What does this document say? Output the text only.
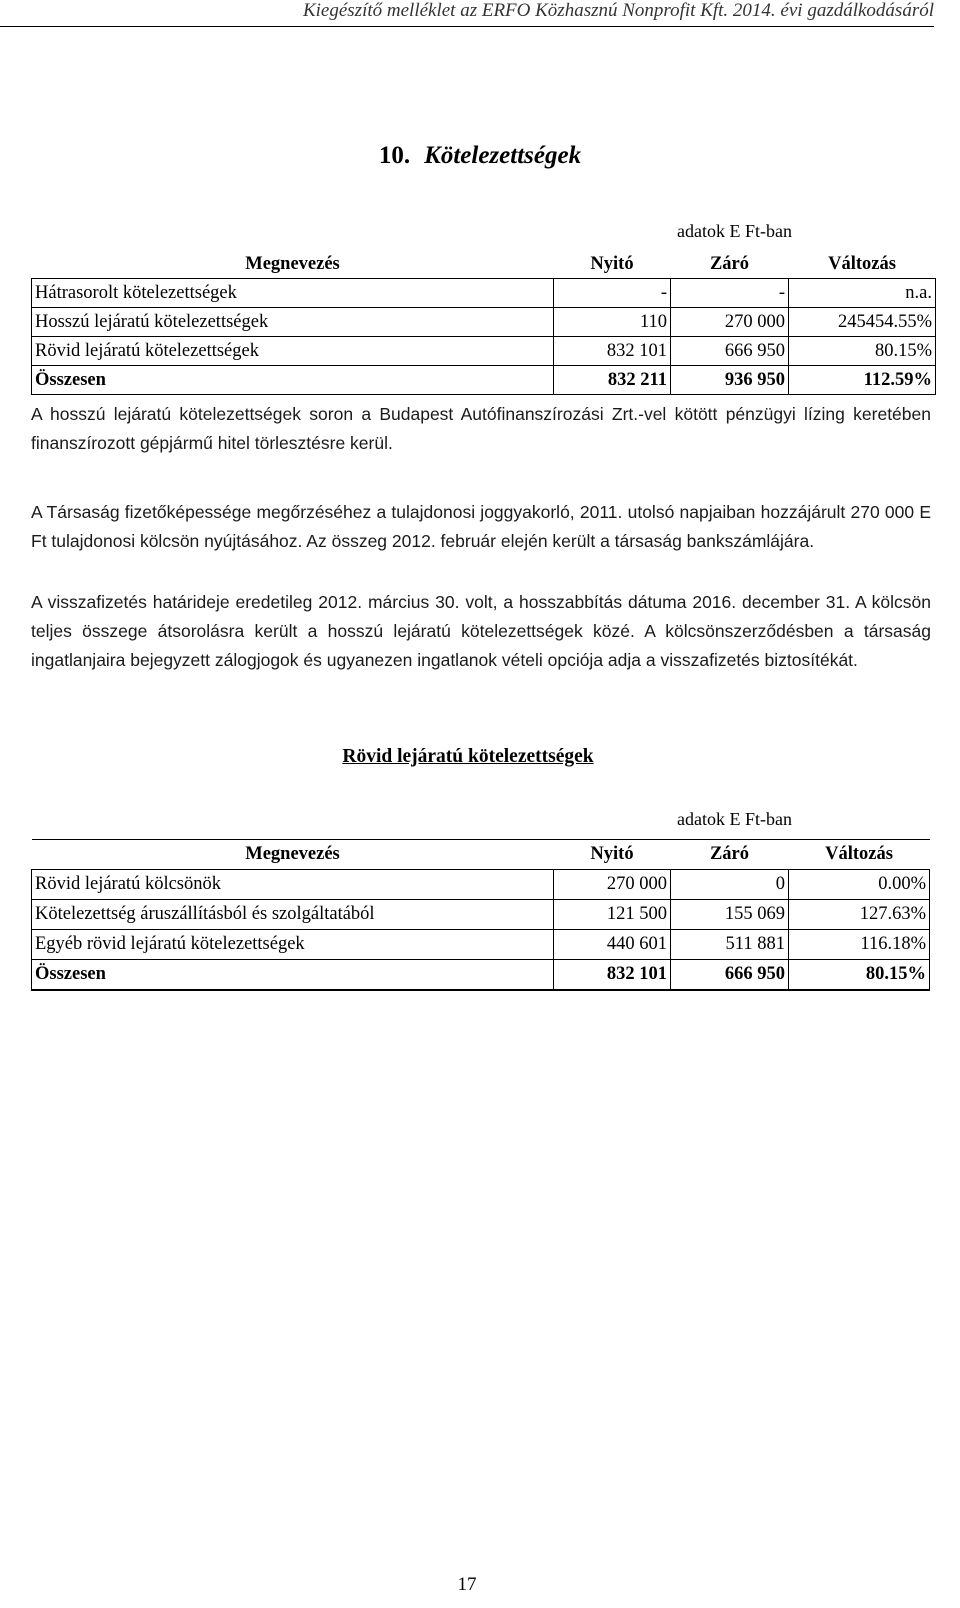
Kiegészítő melléklet az ERFO Közhasznú Nonprofit Kft. 2014. évi gazdálkodásáról
10. Kötelezettségek
adatok E Ft-ban
Megnevezés	Nyitó	Záró	Változás
Hátrasorolt kötelezettségek	-	-	n.a.
Hosszú lejáratú kötelezettségek	110	270 000	245454.55%
Rövid lejáratú kötelezettségek	832 101	666 950	80.15%
Összesen	832 211	936 950	112.59%
A hosszú lejáratú kötelezettségek soron a Budapest Autófinanszírozási Zrt.-vel kötött pénzügyi lízing keretében finanszírozott gépjármű hitel törlesztésre kerül.
A Társaság fizetőképessége megőrzéséhez a tulajdonosi joggyakorló, 2011. utolsó napjaiban hozzájárult 270 000 E Ft tulajdonosi kölcsön nyújtásához. Az összeg 2012. február elején került a társaság bankszámlájára.
A visszafizetés határideje eredetileg 2012. március 30. volt, a hosszabbítás dátuma 2016. december 31. A kölcsön teljes összege átsorolásra került a hosszú lejáratú kötelezettségek közé. A kölcsönszerződésben a társaság ingatlanjaira bejegyzett zálogjogok és ugyanezen ingatlanok vételi opciója adja a visszafizetés biztosítékát.
Rövid lejáratú kötelezettségek
adatok E Ft-ban
Megnevezés	Nyitó	Záró	Változás
Rövid lejáratú kölcsönök	270 000	0	0.00%
Kötelezettség áruszállításból és szolgáltatából	121 500	155 069	127.63%
Egyéb rövid lejáratú kötelezettségek	440 601	511 881	116.18%
Összesen	832 101	666 950	80.15%
17
